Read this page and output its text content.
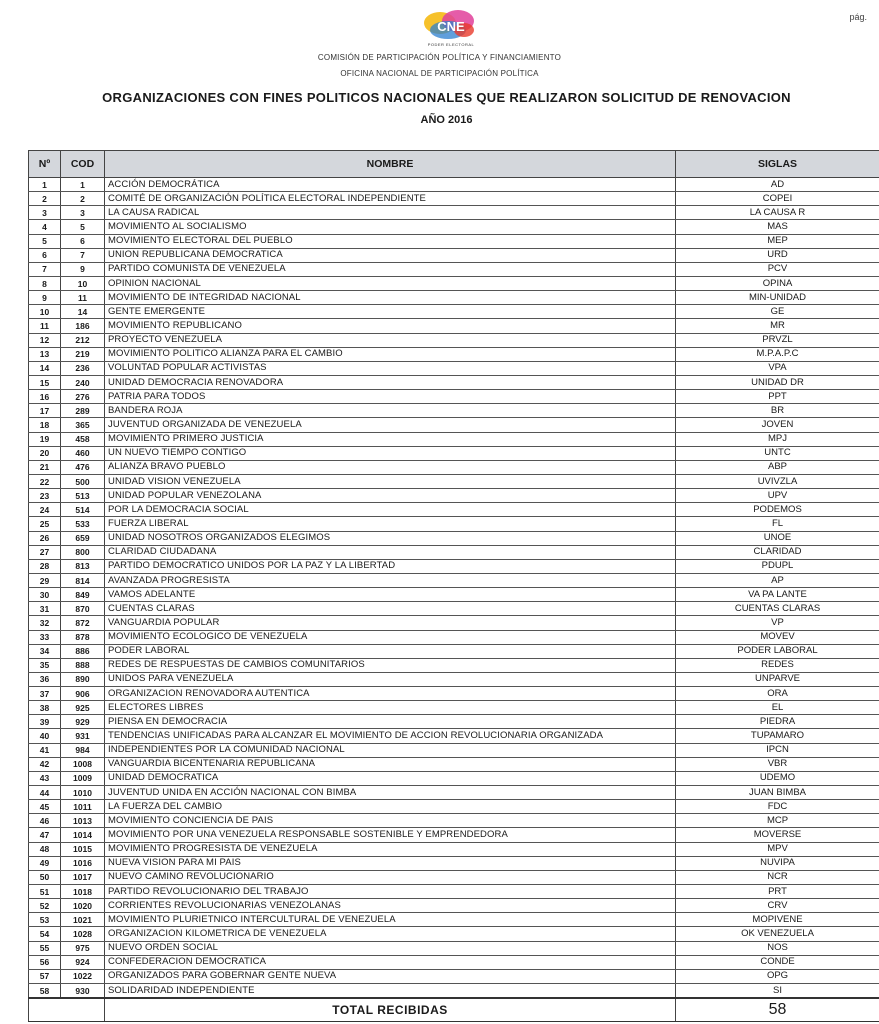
pág.
CNE
PODER ELECTORAL
COMISIÓN DE PARTICIPACIÓN POLÍTICA Y FINANCIAMIENTO
OFICINA NACIONAL DE PARTICIPACIÓN POLÍTICA
ORGANIZACIONES CON FINES POLITICOS NACIONALES QUE REALIZARON SOLICITUD DE RENOVACION
AÑO 2016
Nº	COD	NOMBRE	SIGLAS
1	1	ACCIÓN DEMOCRÁTICA	AD
2	2	COMITÉ DE ORGANIZACIÓN POLÍTICA ELECTORAL INDEPENDIENTE	COPEI
3	3	LA CAUSA RADICAL	LA CAUSA R
4	5	MOVIMIENTO AL SOCIALISMO	MAS
5	6	MOVIMIENTO ELECTORAL DEL PUEBLO	MEP
6	7	UNION REPUBLICANA DEMOCRATICA	URD
7	9	PARTIDO COMUNISTA DE VENEZUELA	PCV
8	10	OPINION NACIONAL	OPINA
9	11	MOVIMIENTO DE INTEGRIDAD NACIONAL	MIN-UNIDAD
10	14	GENTE EMERGENTE	GE
11	186	MOVIMIENTO REPUBLICANO	MR
12	212	PROYECTO VENEZUELA	PRVZL
13	219	MOVIMIENTO POLITICO ALIANZA PARA EL CAMBIO	M.P.A.P.C
14	236	VOLUNTAD POPULAR ACTIVISTAS	VPA
15	240	UNIDAD DEMOCRACIA RENOVADORA	UNIDAD DR
16	276	PATRIA PARA TODOS	PPT
17	289	BANDERA ROJA	BR
18	365	JUVENTUD ORGANIZADA DE VENEZUELA	JOVEN
19	458	MOVIMIENTO PRIMERO JUSTICIA	MPJ
20	460	UN NUEVO TIEMPO CONTIGO	UNTC
21	476	ALIANZA BRAVO PUEBLO	ABP
22	500	UNIDAD VISION VENEZUELA	UVIVZLA
23	513	UNIDAD POPULAR VENEZOLANA	UPV
24	514	POR LA DEMOCRACIA SOCIAL	PODEMOS
25	533	FUERZA LIBERAL	FL
26	659	UNIDAD NOSOTROS ORGANIZADOS ELEGIMOS	UNOE
27	800	CLARIDAD CIUDADANA	CLARIDAD
28	813	PARTIDO DEMOCRATICO UNIDOS POR LA PAZ Y LA LIBERTAD	PDUPL
29	814	AVANZADA PROGRESISTA	AP
30	849	VAMOS ADELANTE	VA PA LANTE
31	870	CUENTAS CLARAS	CUENTAS CLARAS
32	872	VANGUARDIA POPULAR	VP
33	878	MOVIMIENTO ECOLOGICO DE VENEZUELA	MOVEV
34	886	PODER LABORAL	PODER LABORAL
35	888	REDES DE RESPUESTAS DE CAMBIOS COMUNITARIOS	REDES
36	890	UNIDOS PARA VENEZUELA	UNPARVE
37	906	ORGANIZACION RENOVADORA AUTENTICA	ORA
38	925	ELECTORES LIBRES	EL
39	929	PIENSA EN DEMOCRACIA	PIEDRA
40	931	TENDENCIAS UNIFICADAS PARA ALCANZAR EL MOVIMIENTO DE ACCION REVOLUCIONARIA ORGANIZADA	TUPAMARO
41	984	INDEPENDIENTES POR LA COMUNIDAD NACIONAL	IPCN
42	1008	VANGUARDIA BICENTENARIA REPUBLICANA	VBR
43	1009	UNIDAD DEMOCRATICA	UDEMO
44	1010	JUVENTUD UNIDA EN ACCIÓN NACIONAL CON BIMBA	JUAN BIMBA
45	1011	LA FUERZA DEL CAMBIO	FDC
46	1013	MOVIMIENTO CONCIENCIA DE PAIS	MCP
47	1014	MOVIMIENTO POR UNA VENEZUELA RESPONSABLE SOSTENIBLE Y EMPRENDEDORA	MOVERSE
48	1015	MOVIMIENTO PROGRESISTA DE VENEZUELA	MPV
49	1016	NUEVA VISION PARA MI PAIS	NUVIPA
50	1017	NUEVO CAMINO REVOLUCIONARIO	NCR
51	1018	PARTIDO REVOLUCIONARIO DEL TRABAJO	PRT
52	1020	CORRIENTES REVOLUCIONARIAS VENEZOLANAS	CRV
53	1021	MOVIMIENTO PLURIETNICO INTERCULTURAL DE VENEZUELA	MOPIVENE
54	1028	ORGANIZACION KILOMETRICA DE VENEZUELA	OK VENEZUELA
55	975	NUEVO ORDEN SOCIAL	NOS
56	924	CONFEDERACION DEMOCRATICA	CONDE
57	1022	ORGANIZADOS PARA GOBERNAR GENTE NUEVA	OPG
58	930	SOLIDARIDAD INDEPENDIENTE	SI
		TOTAL RECIBIDAS	58
